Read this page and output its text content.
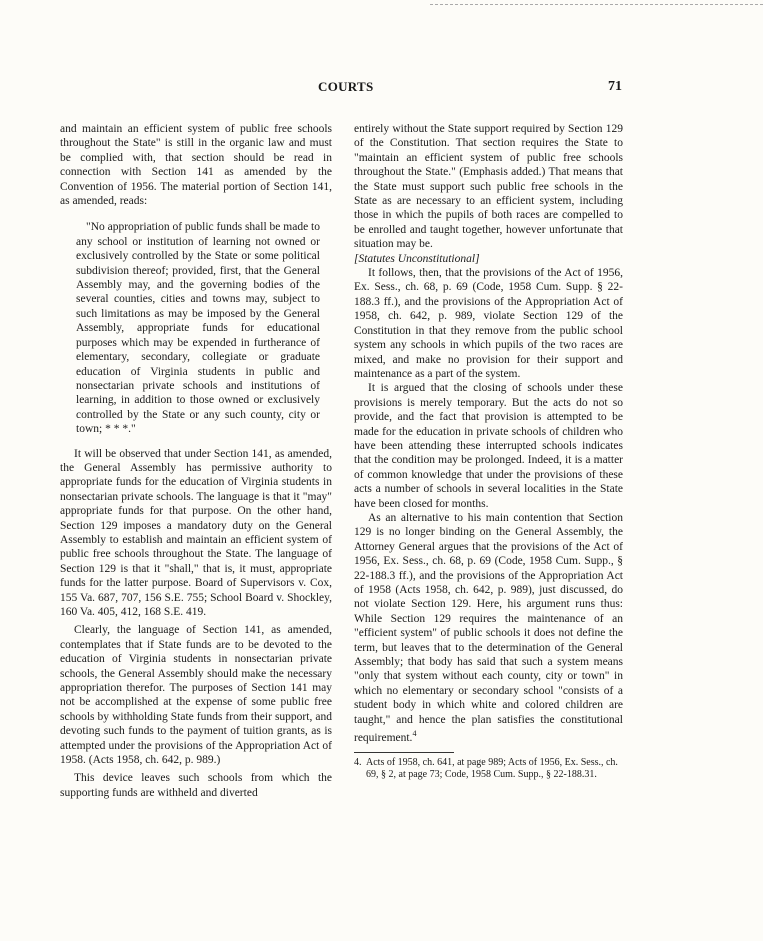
COURTS	71

and maintain an efficient system of public free schools throughout the State" is still in the organic law and must be complied with, that section should be read in connection with Section 141 as amended by the Convention of 1956. The material portion of Section 141, as amended, reads:

"No appropriation of public funds shall be made to any school or institution of learning not owned or exclusively controlled by the State or some political subdivision thereof; provided, first, that the General Assembly may, and the governing bodies of the several counties, cities and towns may, subject to such limitations as may be imposed by the General Assembly, appropriate funds for educational purposes which may be expended in furtherance of elementary, secondary, collegiate or graduate education of Virginia students in public and nonsectarian private schools and institutions of learning, in addition to those owned or exclusively controlled by the State or any such county, city or town; * * *."

It will be observed that under Section 141, as amended, the General Assembly has permissive authority to appropriate funds for the education of Virginia students in nonsectarian private schools. The language is that it "may" appropriate funds for that purpose. On the other hand, Section 129 imposes a mandatory duty on the General Assembly to establish and maintain an efficient system of public free schools throughout the State. The language of Section 129 is that it "shall," that is, it must, appropriate funds for the latter purpose. Board of Supervisors v. Cox, 155 Va. 687, 707, 156 S.E. 755; School Board v. Shockley, 160 Va. 405, 412, 168 S.E. 419.

Clearly, the language of Section 141, as amended, contemplates that if State funds are to be devoted to the education of Virginia students in nonsectarian private schools, the General Assembly should make the necessary appropriation therefor. The purposes of Section 141 may not be accomplished at the expense of some public free schools by withholding State funds from their support, and devoting such funds to the payment of tuition grants, as is attempted under the provisions of the Appropriation Act of 1958. (Acts 1958, ch. 642, p. 989.)

This device leaves such schools from which the supporting funds are withheld and diverted

entirely without the State support required by Section 129 of the Constitution. That section requires the State to "maintain an efficient system of public free schools throughout the State." (Emphasis added.) That means that the State must support such public free schools in the State as are necessary to an efficient system, including those in which the pupils of both races are compelled to be enrolled and taught together, however unfortunate that situation may be.

[Statutes Unconstitutional]

It follows, then, that the provisions of the Act of 1956, Ex. Sess., ch. 68, p. 69 (Code, 1958 Cum. Supp. § 22-188.3 ff.), and the provisions of the Appropriation Act of 1958, ch. 642, p. 989, violate Section 129 of the Constitution in that they remove from the public school system any schools in which pupils of the two races are mixed, and make no provision for their support and maintenance as a part of the system.

It is argued that the closing of schools under these provisions is merely temporary. But the acts do not so provide, and the fact that provision is attempted to be made for the education in private schools of children who have been attending these interrupted schools indicates that the condition may be prolonged. Indeed, it is a matter of common knowledge that under the provisions of these acts a number of schools in several localities in the State have been closed for months.

As an alternative to his main contention that Section 129 is no longer binding on the General Assembly, the Attorney General argues that the provisions of the Act of 1956, Ex. Sess., ch. 68, p. 69 (Code, 1958 Cum. Supp., § 22-188.3 ff.), and the provisions of the Appropriation Act of 1958 (Acts 1958, ch. 642, p. 989), just discussed, do not violate Section 129. Here, his argument runs thus: While Section 129 requires the maintenance of an "efficient system" of public schools it does not define the term, but leaves that to the determination of the General Assembly; that body has said that such a system means "only that system without each county, city or town" in which no elementary or secondary school "consists of a student body in which white and colored children are taught," and hence the plan satisfies the constitutional requirement.$^4$

4. Acts of 1958, ch. 641, at page 989; Acts of 1956, Ex. Sess., ch. 69, § 2, at page 73; Code, 1958 Cum. Supp., § 22-188.31.
